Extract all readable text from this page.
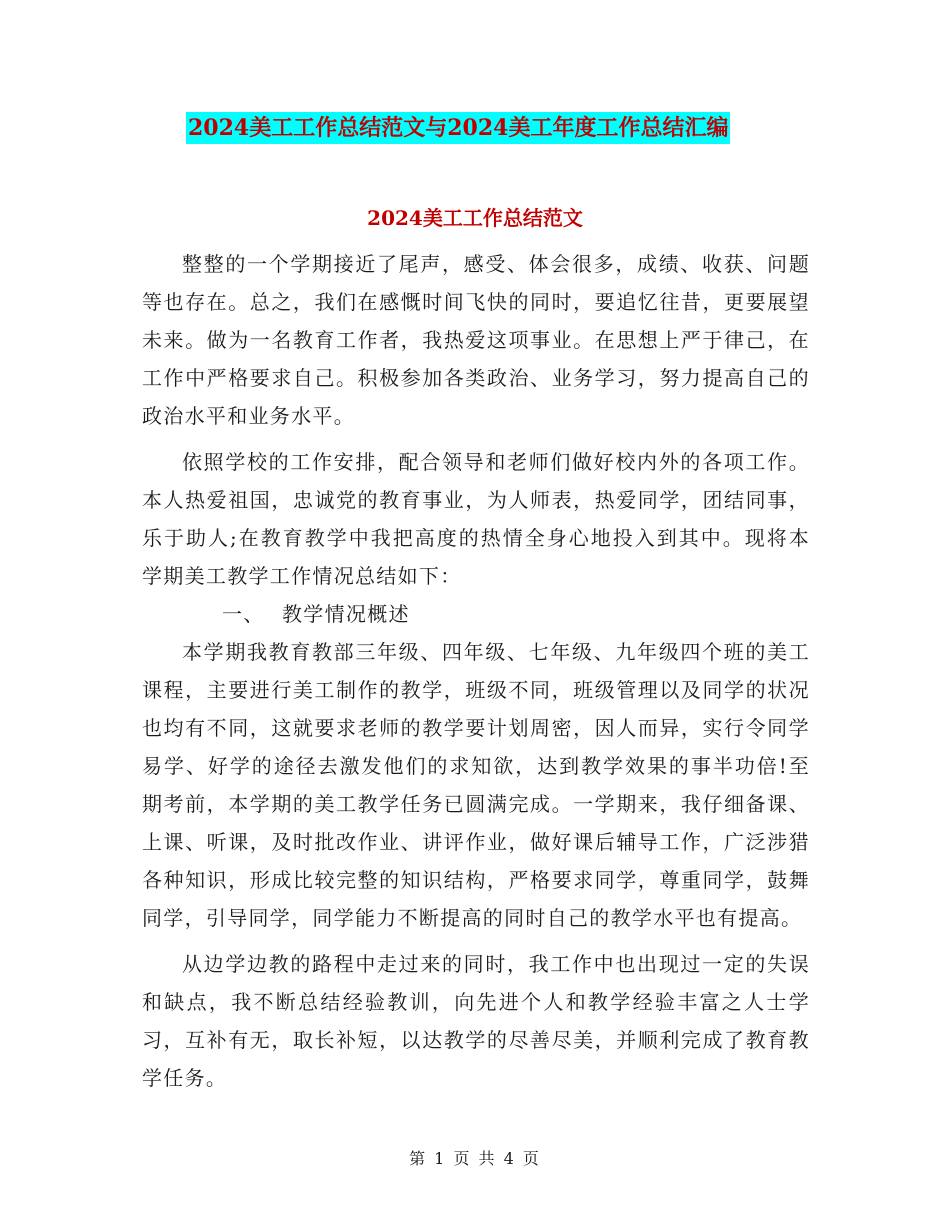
2024美工工作总结范文与2024美工年度工作总结汇编
2024美工工作总结范文

整整的一个学期接近了尾声，感受、体会很多，成绩、收获、问题等也存在。总之，我们在感慨时间飞快的同时，要追忆往昔，更要展望未来。做为一名教育工作者，我热爱这项事业。在思想上严于律己，在工作中严格要求自己。积极参加各类政治、业务学习，努力提高自己的政治水平和业务水平。

依照学校的工作安排，配合领导和老师们做好校内外的各项工作。本人热爱祖国，忠诚党的教育事业，为人师表，热爱同学，团结同事，乐于助人;在教育教学中我把高度的热情全身心地投入到其中。现将本学期美工教学工作情况总结如下：

一、 教学情况概述

本学期我教育教部三年级、四年级、七年级、九年级四个班的美工课程，主要进行美工制作的教学，班级不同，班级管理以及同学的状况也均有不同，这就要求老师的教学要计划周密，因人而异，实行令同学易学、好学的途径去激发他们的求知欲，达到教学效果的事半功倍!至期考前，本学期的美工教学任务已圆满完成。一学期来，我仔细备课、上课、听课，及时批改作业、讲评作业，做好课后辅导工作，广泛涉猎各种知识，形成比较完整的知识结构，严格要求同学，尊重同学，鼓舞同学，引导同学，同学能力不断提高的同时自己的教学水平也有提高。

从边学边教的路程中走过来的同时，我工作中也出现过一定的失误和缺点，我不断总结经验教训，向先进个人和教学经验丰富之人士学习，互补有无，取长补短，以达教学的尽善尽美，并顺利完成了教育教学任务。

第 1 页 共 4 页
